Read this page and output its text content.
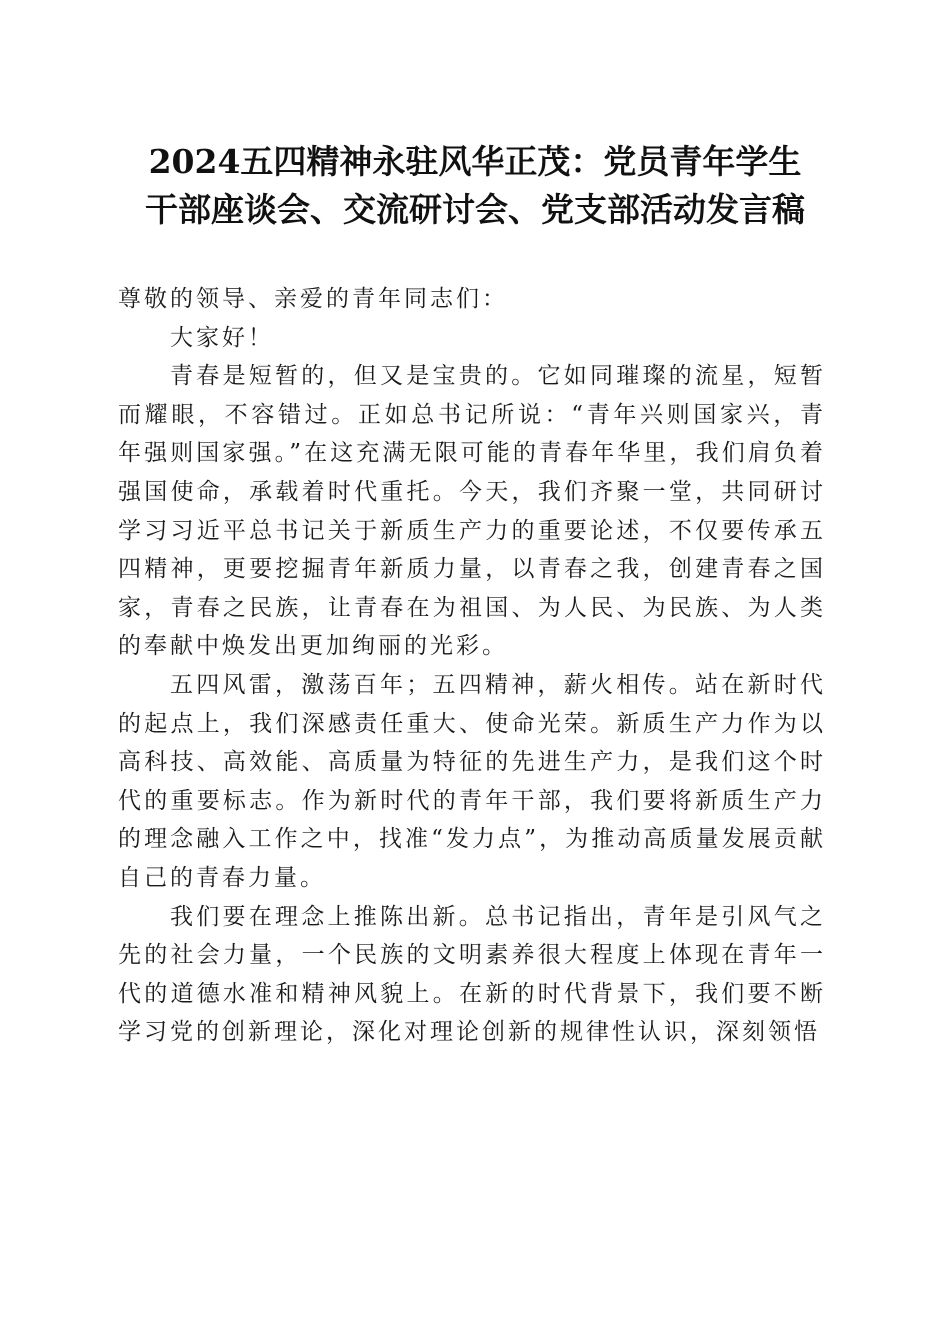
2024五四精神永驻风华正茂：党员青年学生
干部座谈会、交流研讨会、党支部活动发言稿

尊敬的领导、亲爱的青年同志们：

大家好！

青春是短暂的，但又是宝贵的。它如同璀璨的流星，短暂而耀眼，不容错过。正如总书记所说：“青年兴则国家兴，青年强则国家强。”在这充满无限可能的青春年华里，我们肩负着强国使命，承载着时代重托。今天，我们齐聚一堂，共同研讨学习习近平总书记关于新质生产力的重要论述，不仅要传承五四精神，更要挖掘青年新质力量，以青春之我，创建青春之国家，青春之民族，让青春在为祖国、为人民、为民族、为人类的奉献中焕发出更加绚丽的光彩。

五四风雷，激荡百年；五四精神，薪火相传。站在新时代的起点上，我们深感责任重大、使命光荣。新质生产力作为以高科技、高效能、高质量为特征的先进生产力，是我们这个时代的重要标志。作为新时代的青年干部，我们要将新质生产力的理念融入工作之中，找准“发力点”，为推动高质量发展贡献自己的青春力量。

我们要在理念上推陈出新。总书记指出，青年是引风气之先的社会力量，一个民族的文明素养很大程度上体现在青年一代的道德水准和精神风貌上。在新的时代背景下，我们要不断学习党的创新理论，深化对理论创新的规律性认识，深刻领悟
